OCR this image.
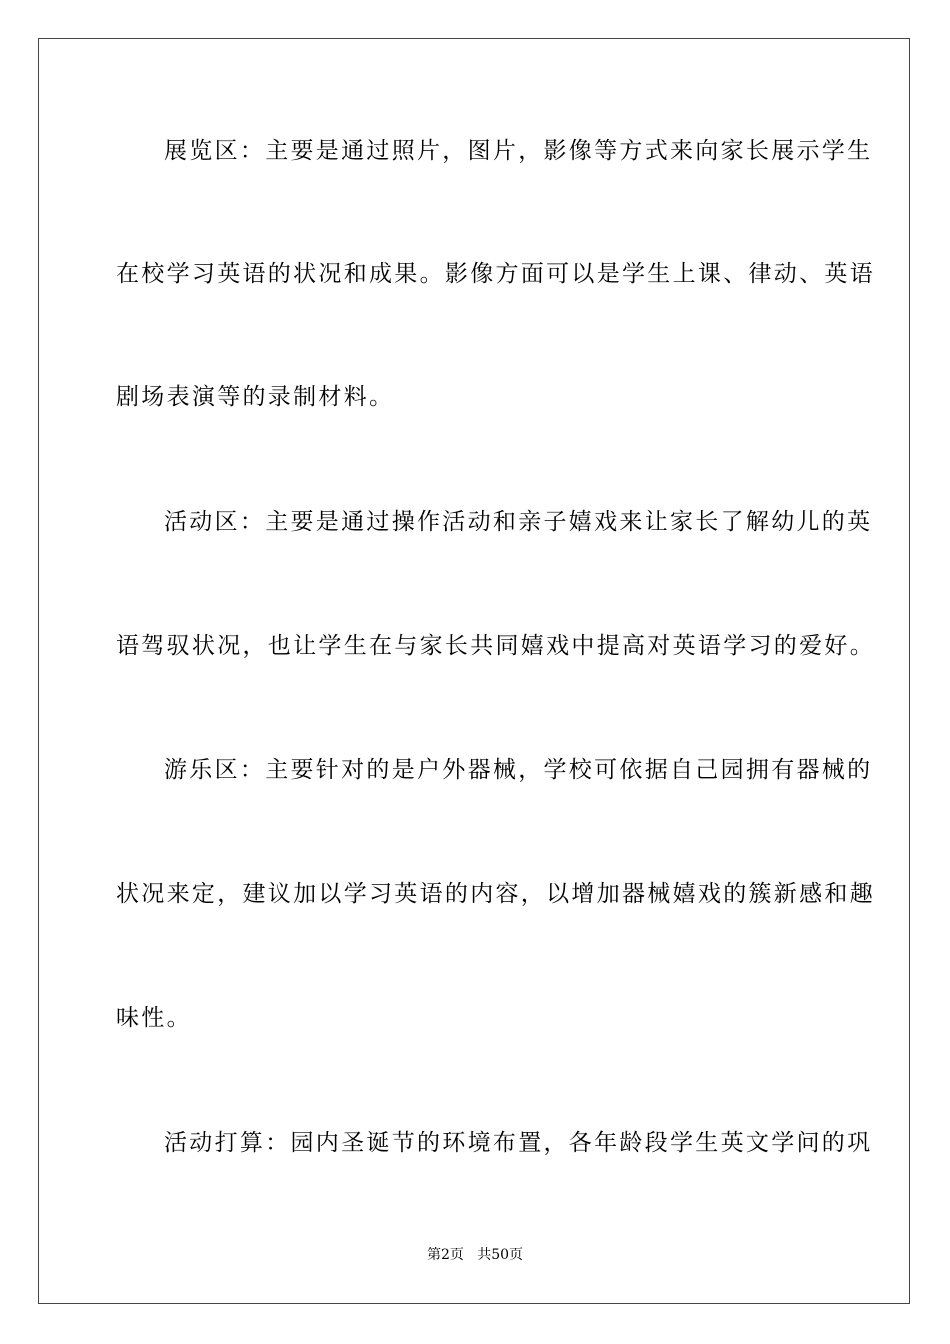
展览区：主要是通过照片，图片，影像等方式来向家长展示学生
在校学习英语的状况和成果。影像方面可以是学生上课、律动、英语
剧场表演等的录制材料。
活动区：主要是通过操作活动和亲子嬉戏来让家长了解幼儿的英
语驾驭状况，也让学生在与家长共同嬉戏中提高对英语学习的爱好。
游乐区：主要针对的是户外器械，学校可依据自己园拥有器械的
状况来定，建议加以学习英语的内容，以增加器械嬉戏的簇新感和趣
味性。
活动打算：园内圣诞节的环境布置，各年龄段学生英文学问的巩
第2页   共50页
